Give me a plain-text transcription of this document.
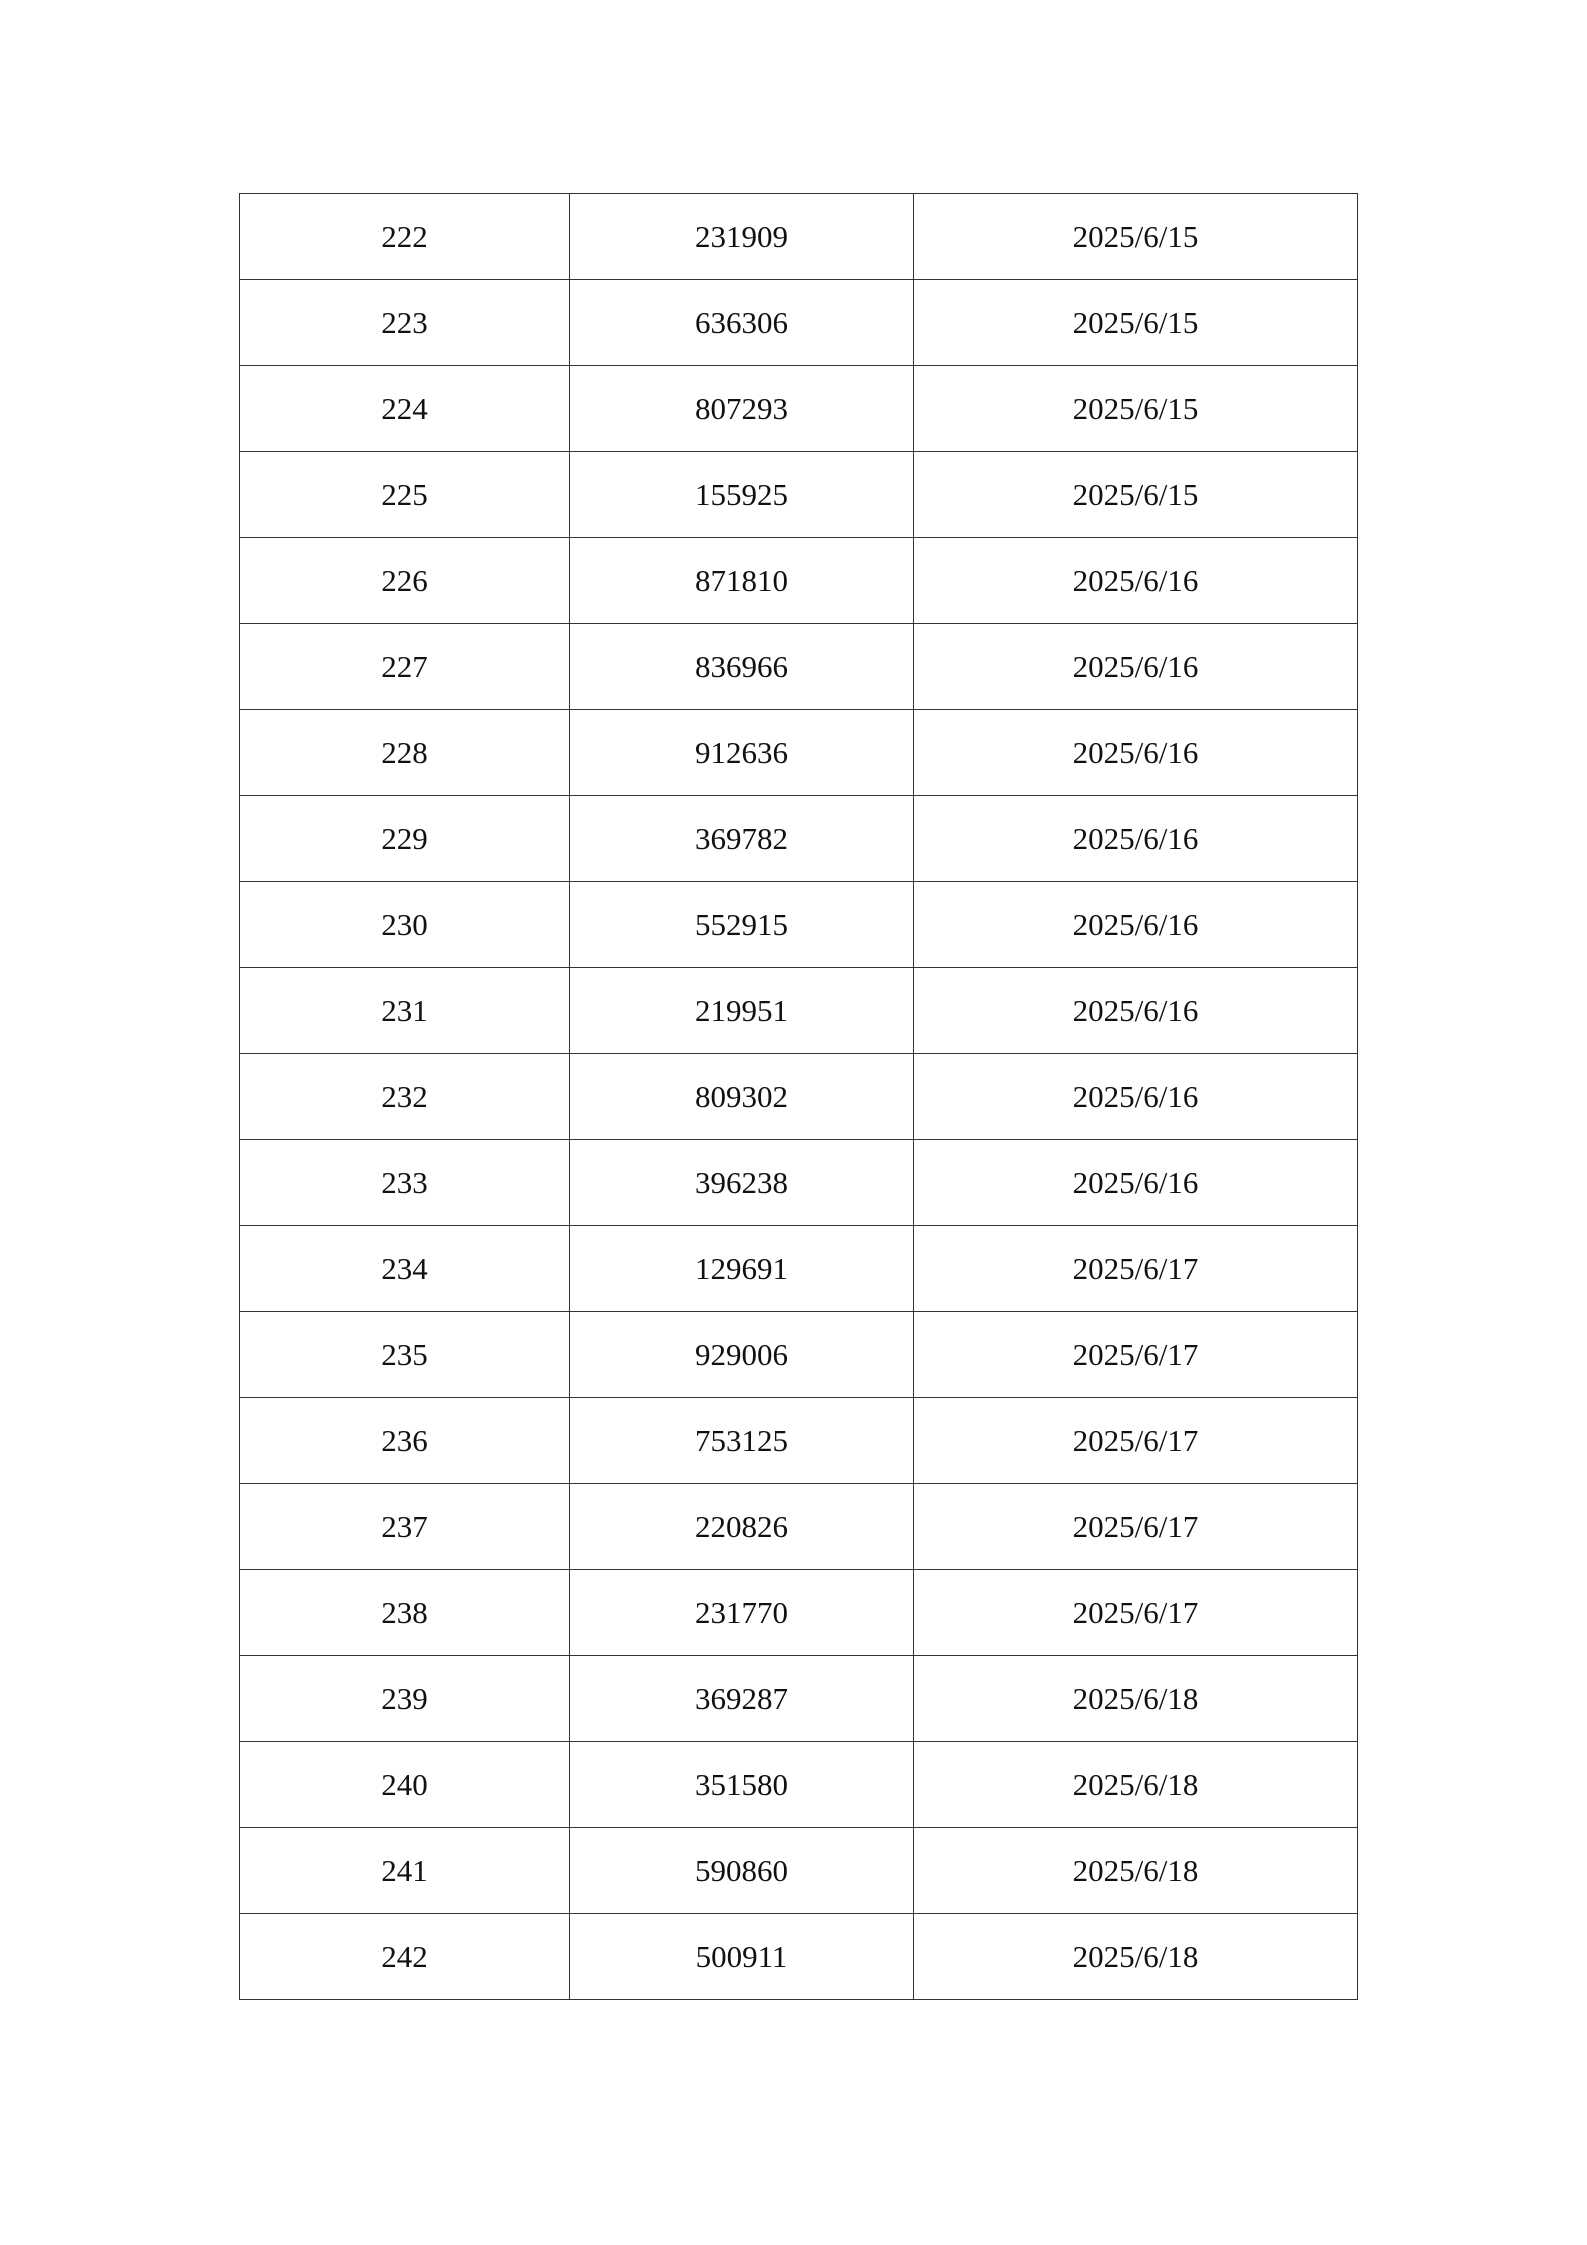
222	231909	2025/6/15
223	636306	2025/6/15
224	807293	2025/6/15
225	155925	2025/6/15
226	871810	2025/6/16
227	836966	2025/6/16
228	912636	2025/6/16
229	369782	2025/6/16
230	552915	2025/6/16
231	219951	2025/6/16
232	809302	2025/6/16
233	396238	2025/6/16
234	129691	2025/6/17
235	929006	2025/6/17
236	753125	2025/6/17
237	220826	2025/6/17
238	231770	2025/6/17
239	369287	2025/6/18
240	351580	2025/6/18
241	590860	2025/6/18
242	500911	2025/6/18
